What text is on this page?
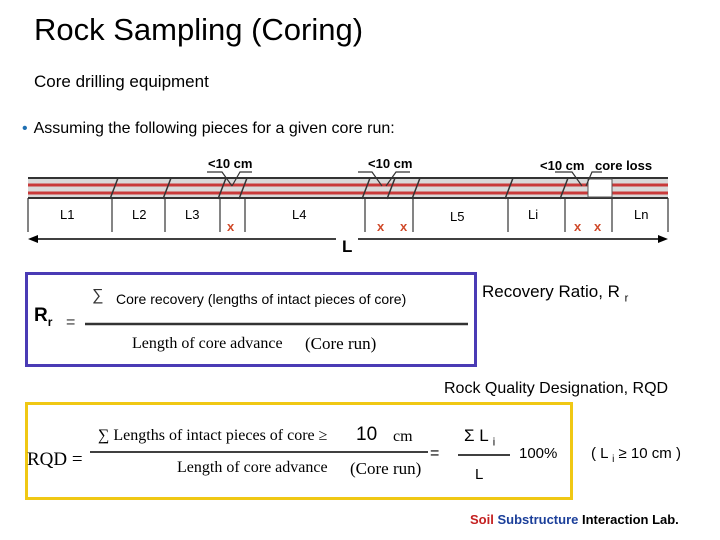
Rock Sampling (Coring)
Core drilling equipment
• Assuming the following pieces for a given core run:
<10 cm	<10 cm	<10 cm core loss
L1	L2	L3	L4	L5	Li	Ln
x	x x	x x
L
$R_r$ =
∑ Core recovery (lengths of intact pieces of core)
Length of core advance (Core run)
Recovery Ratio, R $_r$
Rock Quality Designation, RQD
RQD =
∑ Lengths of intact pieces of core ≥ 10 cm
Length of core advance (Core run)
=
Σ L $_i$
L
100% ( L $_i$ ≥ 10 cm )
Soil Substructure Interaction Lab.
